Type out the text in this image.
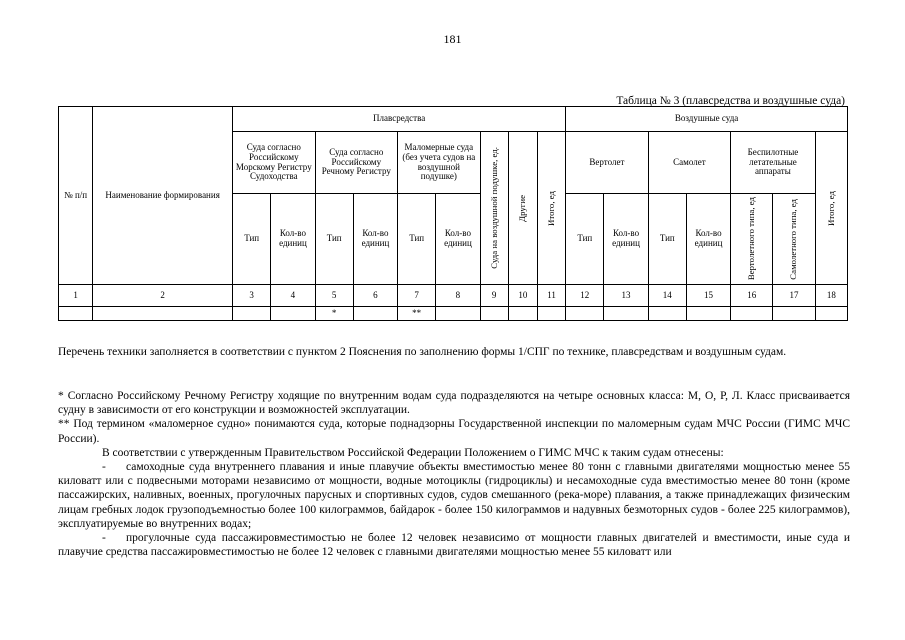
181
Таблица № 3 (плавсредства и воздушные суда)
№ п/п	Наименование формирования	Плавсредства									Воздушные суда						
		Суда согласно Российскому Морскому Регистру Судоходства		Суда согласно Российскому Речному Регистру		Маломерные суда (без учета судов на воздушной подушке)		Суда на воздушной подушке, ед.	Другие	Итого, ед	Вертолет		Самолет		Беспилотные летательные аппараты		Итого, ед

		Тип	Кол-во единиц	Тип	Кол-во единиц	Тип	Кол-во единиц				Тип	Кол-во единиц	Тип	Кол-во единиц	Вертолетного типа, ед	Самолетного типа, ед	

1	2	3	4	5	6	7	8	9	10	11	12	13	14	15	16	17	18
				*		**											

Перечень техники заполняется в соответствии с пунктом 2 Пояснения по заполнению формы 1/СПГ по технике, плавсредствам и воздушным судам.

* Согласно Российскому Речному Регистру ходящие по внутренним водам суда подразделяются на четыре основных класса: М, О, Р, Л. Класс присваивается судну в зависимости от его конструкции и возможностей эксплуатации.

** Под термином «маломерное судно» понимаются суда, которые поднадзорны Государственной инспекции по маломерным судам МЧС России (ГИМС МЧС России).

В соответствии с утвержденным Правительством Российской Федерации Положением о ГИМС МЧС к таким судам отнесены:

- самоходные суда внутреннего плавания и иные плавучие объекты вместимостью менее 80 тонн с главными двигателями мощностью менее 55 киловатт или с подвесными моторами независимо от мощности, водные мотоциклы (гидроциклы) и несамоходные суда вместимостью менее 80 тонн (кроме пассажирских, наливных, военных, прогулочных парусных и спортивных судов, судов смешанного (река-море) плавания, а также принадлежащих физическим лицам гребных лодок грузоподъемностью более 100 килограммов, байдарок - более 150 килограммов и надувных безмоторных судов - более 225 килограммов), эксплуатируемые во внутренних водах;

- прогулочные суда пассажировместимостью не более 12 человек независимо от мощности главных двигателей и вместимости, иные суда и плавучие средства пассажировместимостью не более 12 человек с главными двигателями мощностью менее 55 киловатт или
